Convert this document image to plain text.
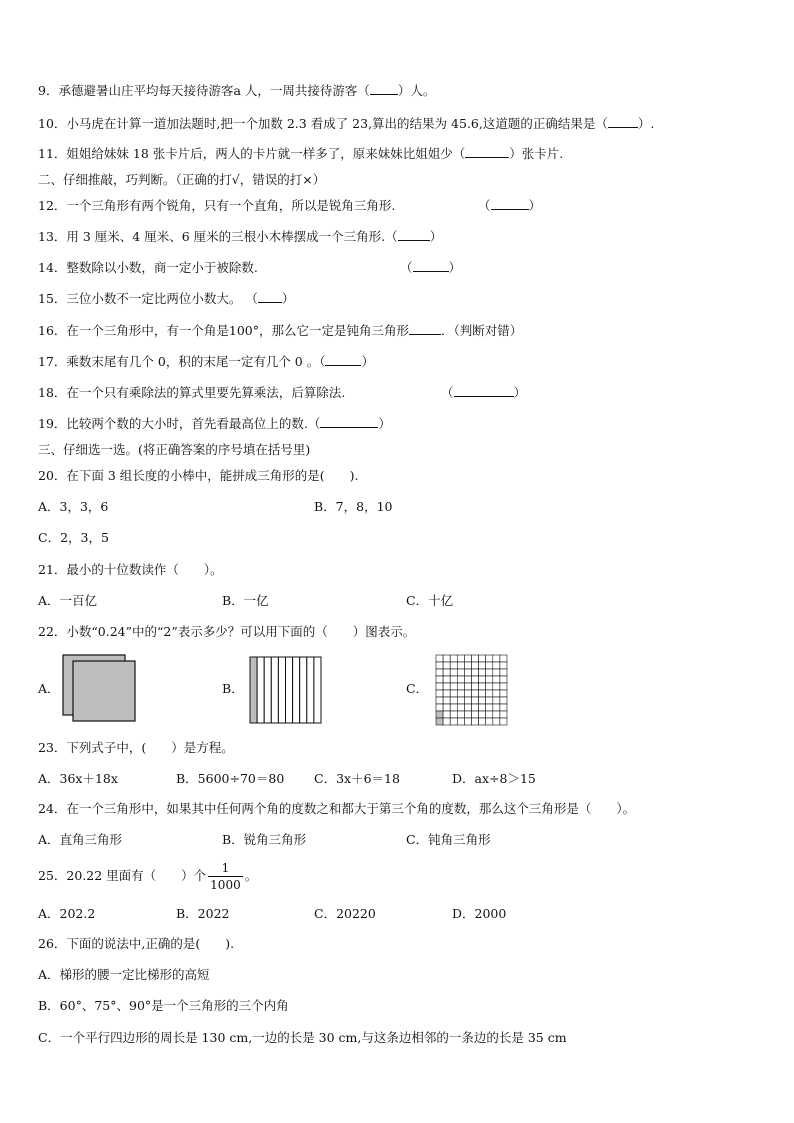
9．承德避暑山庄平均每天接待游客a 人，一周共接待游客（ ）人。
10．小马虎在计算一道加法题时,把一个加数 2.3 看成了 23,算出的结果为 45.6,这道题的正确结果是（ ）.
11．姐姐给妹妹 18 张卡片后，两人的卡片就一样多了，原来妹妹比姐姐少（	）张卡片.
二、仔细推敲，巧判断。（正确的打√，错误的打×）
12．一个三角形有两个锐角，只有一个直角，所以是锐角三角形.	（	）
13．用 3 厘米、4 厘米、6 厘米的三根小木棒摆成一个三角形.（	）
14．整数除以小数，商一定小于被除数.	（	）
15．三位小数不一定比两位小数大。 （ ）
16．在一个三角形中，有一个角是100°，那么它一定是钝角三角形	．（判断对错）
17．乘数末尾有几个 0，积的末尾一定有几个 0 。（	）
18．在一个只有乘除法的算式里要先算乘法，后算除法.	（	）
19．比较两个数的大小时，首先看最高位上的数.（	）
三、仔细选一选。(将正确答案的序号填在括号里)
20．在下面 3 组长度的小棒中，能拼成三角形的是(　　).
A．3，3，6	B．7，8，10
C．2，3，5
21．最小的十位数读作（　　）。
A．一百亿	B．一亿	C．十亿
22．小数“0.24”中的“2”表示多少？可以用下面的（　　）图表示。
A．	B．	C．
23．下列式子中，(　　）是方程。
A．36x＋18x	B．5600÷70＝80 C．3x＋6＝18	D．ax÷8＞15
24．在一个三角形中，如果其中任何两个角的度数之和都大于第三个角的度数，那么这个三角形是（　　）。
A．直角三角形	B．锐角三角形	C．钝角三角形
25．20.22 里面有（　　）个 $\frac{1}{1000}$ 。
A．202.2	B．2022	C．20220	D．2000
26．下面的说法中,正确的是(　　).
A．梯形的腰一定比梯形的高短
B．60°、75°、90°是一个三角形的三个内角
C．一个平行四边形的周长是 130 cm,一边的长是 30 cm,与这条边相邻的一条边的长是 35 cm
